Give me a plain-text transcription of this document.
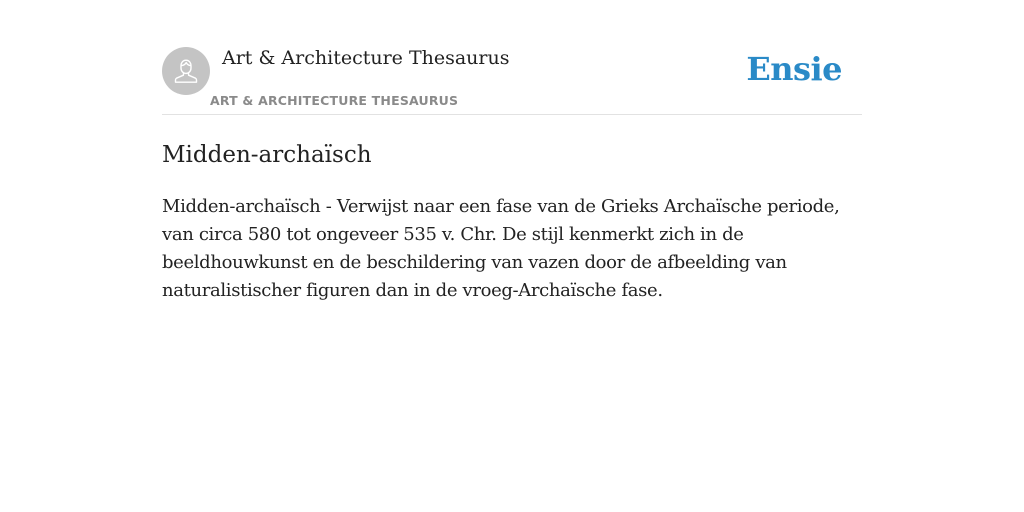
Art & Architecture Thesaurus
ART & ARCHITECTURE THESAURUS
Ensie
Midden-archaïsch

Midden-archaïsch - Verwijst naar een fase van de Grieks Archaïsche periode, van circa 580 tot ongeveer 535 v. Chr. De stijl kenmerkt zich in de beeldhouwkunst en de beschildering van vazen door de afbeelding van naturalistischer figuren dan in de vroeg-Archaïsche fase.
